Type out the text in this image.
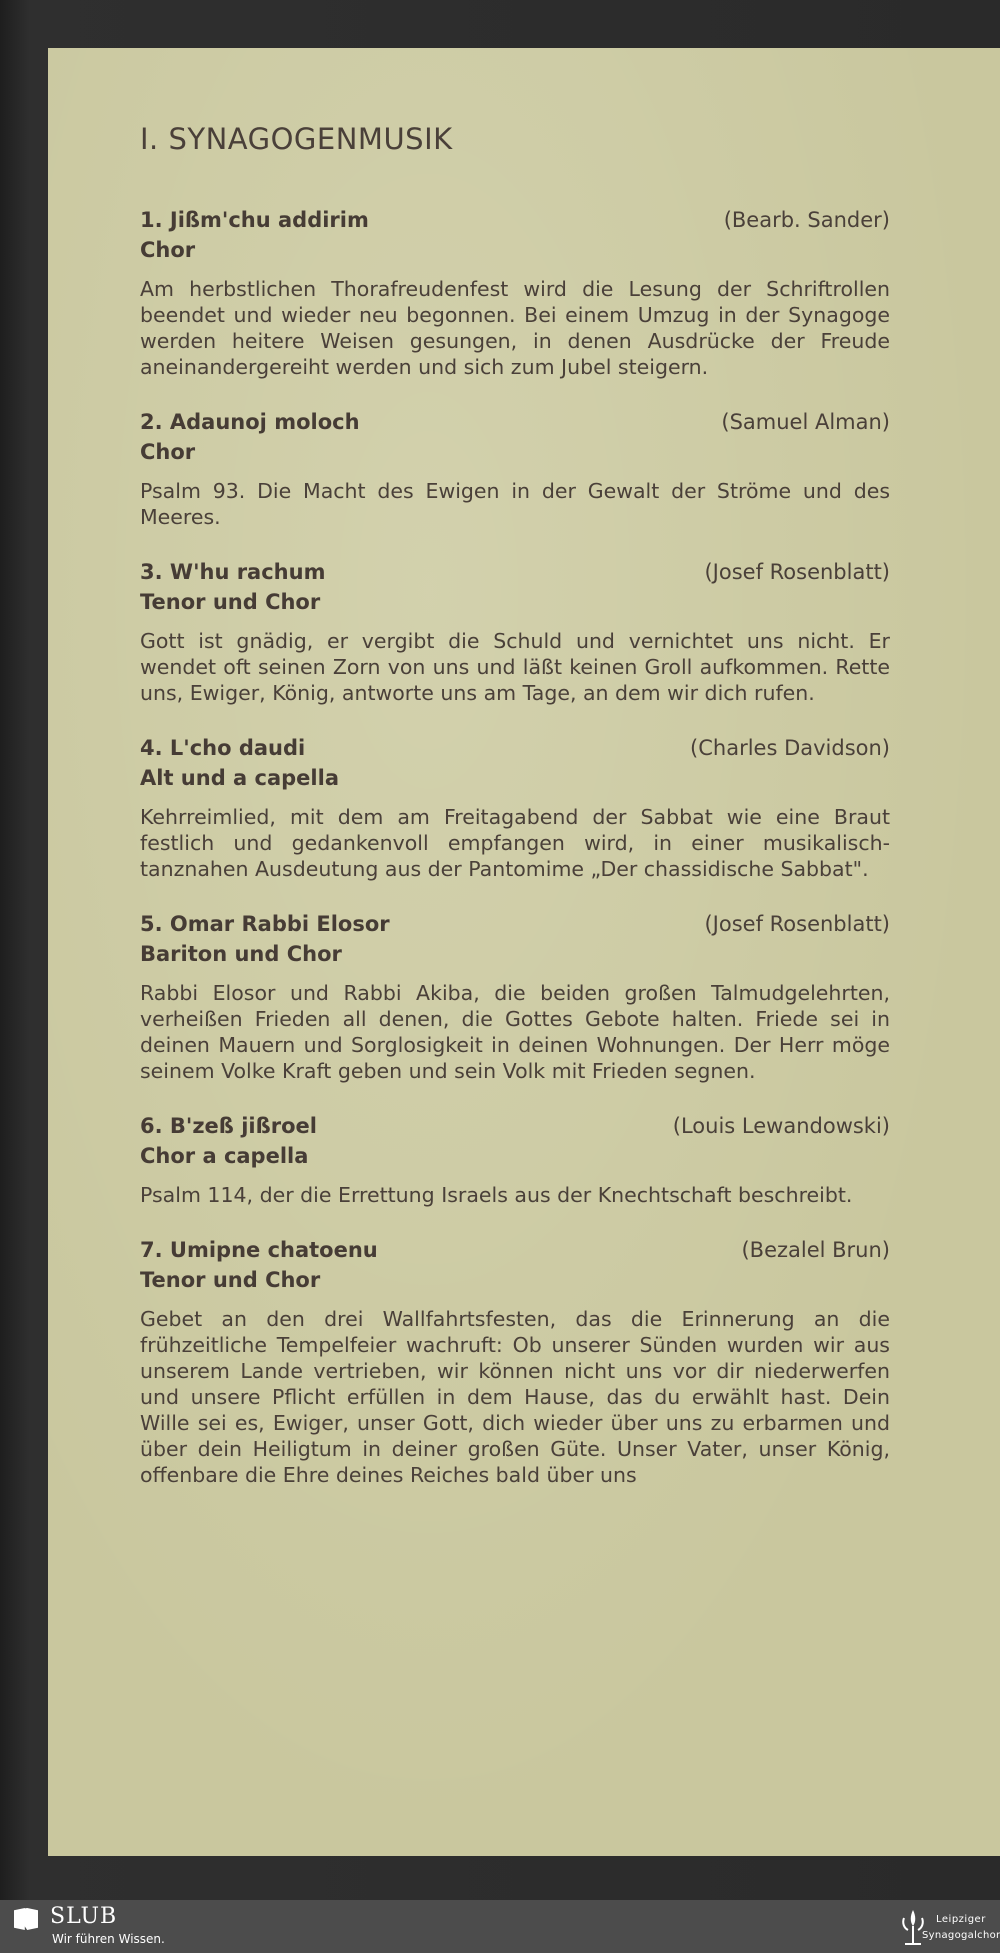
I. SYNAGOGENMUSIK
1. Jißm'chu addirim	(Bearb. Sander)
Chor

Am herbstlichen Thorafreudenfest wird die Lesung der Schriftrollen beendet und wieder neu begonnen. Bei einem Umzug in der Synagoge werden heitere Weisen gesungen, in denen Ausdrücke der Freude aneinandergereiht werden und sich zum Jubel steigern.

2. Adaunoj moloch	(Samuel Alman)
Chor

Psalm 93. Die Macht des Ewigen in der Gewalt der Ströme und des Meeres.

3. W'hu rachum	(Josef Rosenblatt)
Tenor und Chor

Gott ist gnädig, er vergibt die Schuld und vernichtet uns nicht. Er wendet oft seinen Zorn von uns und läßt keinen Groll aufkommen. Rette uns, Ewiger, König, antworte uns am Tage, an dem wir dich rufen.

4. L'cho daudi	(Charles Davidson)
Alt und a capella

Kehrreimlied, mit dem am Freitagabend der Sabbat wie eine Braut festlich und gedankenvoll empfangen wird, in einer musikalisch-tanznahen Ausdeutung aus der Pantomime „Der chassidische Sabbat".

5. Omar Rabbi Elosor	(Josef Rosenblatt)
Bariton und Chor

Rabbi Elosor und Rabbi Akiba, die beiden großen Talmudgelehrten, verheißen Frieden all denen, die Gottes Gebote halten. Friede sei in deinen Mauern und Sorglosigkeit in deinen Wohnungen. Der Herr möge seinem Volke Kraft geben und sein Volk mit Frieden segnen.

6. B'zeß jißroel	(Louis Lewandowski)
Chor a capella

Psalm 114, der die Errettung Israels aus der Knechtschaft beschreibt.

7. Umipne chatoenu	(Bezalel Brun)
Tenor und Chor

Gebet an den drei Wallfahrtsfesten, das die Erinnerung an die frühzeitliche Tempelfeier wachruft: Ob unserer Sünden wurden wir aus unserem Lande vertrieben, wir können nicht uns vor dir niederwerfen und unsere Pflicht erfüllen in dem Hause, das du erwählt hast. Dein Wille sei es, Ewiger, unser Gott, dich wieder über uns zu erbarmen und über dein Heiligtum in deiner großen Güte. Unser Vater, unser König, offenbare die Ehre deines Reiches bald über uns

SLUB
Wir führen Wissen.
Leipziger
Synagogalchor
